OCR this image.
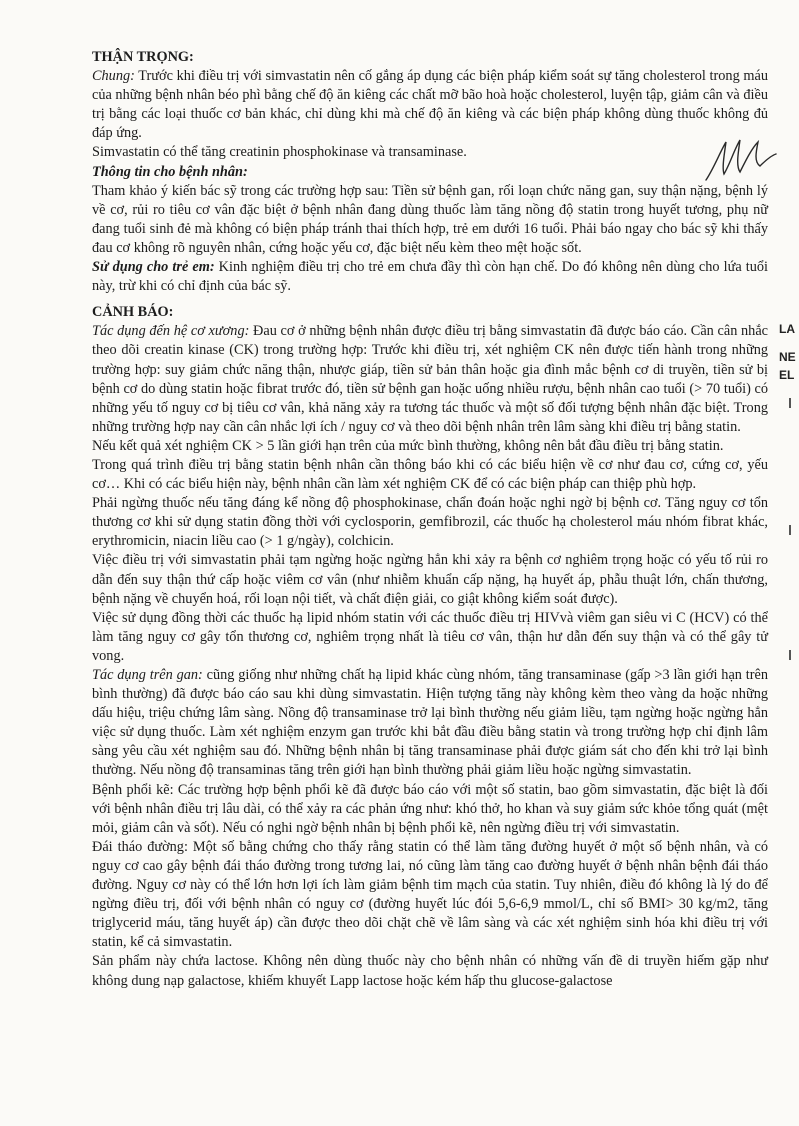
THẬN TRỌNG:

Chung: Trước khi điều trị với simvastatin nên cố gắng áp dụng các biện pháp kiểm soát sự tăng cholesterol trong máu của những bệnh nhân béo phì bằng chế độ ăn kiêng các chất mỡ bão hoà hoặc cholesterol, luyện tập, giảm cân và điều trị bằng các loại thuốc cơ bản khác, chỉ dùng khi mà chế độ ăn kiêng và các biện pháp không dùng thuốc không đủ đáp ứng.

Simvastatin có thể tăng creatinin phosphokinase và transaminase.

Thông tin cho bệnh nhân:

Tham khảo ý kiến bác sỹ trong các trường hợp sau: Tiền sử bệnh gan, rối loạn chức năng gan, suy thận nặng, bệnh lý về cơ, rủi ro tiêu cơ vân đặc biệt ở bệnh nhân đang dùng thuốc làm tăng nồng độ statin trong huyết tương, phụ nữ đang tuổi sinh đẻ mà không có biện pháp tránh thai thích hợp, trẻ em dưới 16 tuổi. Phải báo ngay cho bác sỹ khi thấy đau cơ không rõ nguyên nhân, cứng hoặc yếu cơ, đặc biệt nếu kèm theo mệt hoặc sốt.

Sử dụng cho trẻ em: Kinh nghiệm điều trị cho trẻ em chưa đầy thì còn hạn chế. Do đó không nên dùng cho lứa tuổi này, trừ khi có chỉ định của bác sỹ.

CẢNH BÁO:

Tác dụng đến hệ cơ xương: Đau cơ ở những bệnh nhân được điều trị bằng simvastatin đã được báo cáo. Cần cân nhắc theo dõi creatin kinase (CK) trong trường hợp: Trước khi điều trị, xét nghiệm CK nên được tiến hành trong những trường hợp: suy giảm chức năng thận, nhược giáp, tiền sử bản thân hoặc gia đình mắc bệnh cơ di truyền, tiền sử bị bệnh cơ do dùng statin hoặc fibrat trước đó, tiền sử bệnh gan hoặc uống nhiều rượu, bệnh nhân cao tuổi (> 70 tuổi) có những yếu tố nguy cơ bị tiêu cơ vân, khả năng xảy ra tương tác thuốc và một số đối tượng bệnh nhân đặc biệt. Trong những trường hợp nay cần cân nhắc lợi ích / nguy cơ và theo dõi bệnh nhân trên lâm sàng khi điều trị bằng statin.

Nếu kết quả xét nghiệm CK > 5 lần giới hạn trên của mức bình thường, không nên bắt đầu điều trị bằng statin.

Trong quá trình điều trị bằng statin bệnh nhân cần thông báo khi có các biểu hiện về cơ như đau cơ, cứng cơ, yếu cơ… Khi có các biểu hiện này, bệnh nhân cần làm xét nghiệm CK để có các biện pháp can thiệp phù hợp.

Phải ngừng thuốc nếu tăng đáng kể nồng độ phosphokinase, chẩn đoán hoặc nghi ngờ bị bệnh cơ. Tăng nguy cơ tổn thương cơ khi sử dụng statin đồng thời với cyclosporin, gemfibrozil, các thuốc hạ cholesterol máu nhóm fibrat khác, erythromicin, niacin liều cao (> 1 g/ngày), colchicin.

Việc điều trị với simvastatin phải tạm ngừng hoặc ngừng hẳn khi xảy ra bệnh cơ nghiêm trọng hoặc có yếu tố rủi ro dẫn đến suy thận thứ cấp hoặc viêm cơ vân (như nhiễm khuẩn cấp nặng, hạ huyết áp, phẫu thuật lớn, chấn thương, bệnh nặng về chuyển hoá, rối loạn nội tiết, và chất điện giải, co giật không kiểm soát được).

Việc sử dụng đồng thời các thuốc hạ lipid nhóm statin với các thuốc điều trị HIVvà viêm gan siêu vi C (HCV) có thể làm tăng nguy cơ gây tổn thương cơ, nghiêm trọng nhất là tiêu cơ vân, thận hư dẫn đến suy thận và có thể gây tử vong.

Tác dụng trên gan: cũng giống như những chất hạ lipid khác cùng nhóm, tăng transaminase (gấp >3 lần giới hạn trên bình thường) đã được báo cáo sau khi dùng simvastatin. Hiện tượng tăng này không kèm theo vàng da hoặc những dấu hiệu, triệu chứng lâm sàng. Nồng độ transaminase trở lại bình thường nếu giảm liều, tạm ngừng hoặc ngừng hẳn việc sử dụng thuốc. Làm xét nghiệm enzym gan trước khi bắt đầu điều bằng statin và trong trường hợp chỉ định lâm sàng yêu cầu xét nghiệm sau đó. Những bệnh nhân bị tăng transaminase phải được giám sát cho đến khi trở lại bình thường. Nếu nồng độ transaminas tăng trên giới hạn bình thường phải giảm liều hoặc ngừng simvastatin.

Bệnh phổi kẽ: Các trường hợp bệnh phổi kẽ đã được báo cáo với một số statin, bao gồm simvastatin, đặc biệt là đối với bệnh nhân điều trị lâu dài, có thể xảy ra các phản ứng như: khó thở, ho khan và suy giảm sức khỏe tổng quát (mệt mỏi, giảm cân và sốt). Nếu có nghi ngờ bệnh nhân bị bệnh phổi kẽ, nên ngừng điều trị với simvastatin.

Đái tháo đường: Một số bằng chứng cho thấy rằng statin có thể làm tăng đường huyết ở một số bệnh nhân, và có nguy cơ cao gây bệnh đái tháo đường trong tương lai, nó cũng làm tăng cao đường huyết ở bệnh nhân bệnh đái tháo đường. Nguy cơ này có thể lớn hơn lợi ích làm giảm bệnh tim mạch của statin. Tuy nhiên, điều đó không là lý do để ngừng điều trị, đối với bệnh nhân có nguy cơ (đường huyết lúc đói 5,6-6,9 mmol/L, chỉ số BMI> 30 kg/m2, tăng triglycerid máu, tăng huyết áp) cần được theo dõi chặt chẽ về lâm sàng và các xét nghiệm sinh hóa khi điều trị với statin, kể cả simvastatin.

Sản phẩm này chứa lactose. Không nên dùng thuốc này cho bệnh nhân có những vấn đề di truyền hiếm gặp như không dung nạp galactose, khiếm khuyết Lapp lactose hoặc kém hấp thu glucose-galactose

LA
NE
EL
